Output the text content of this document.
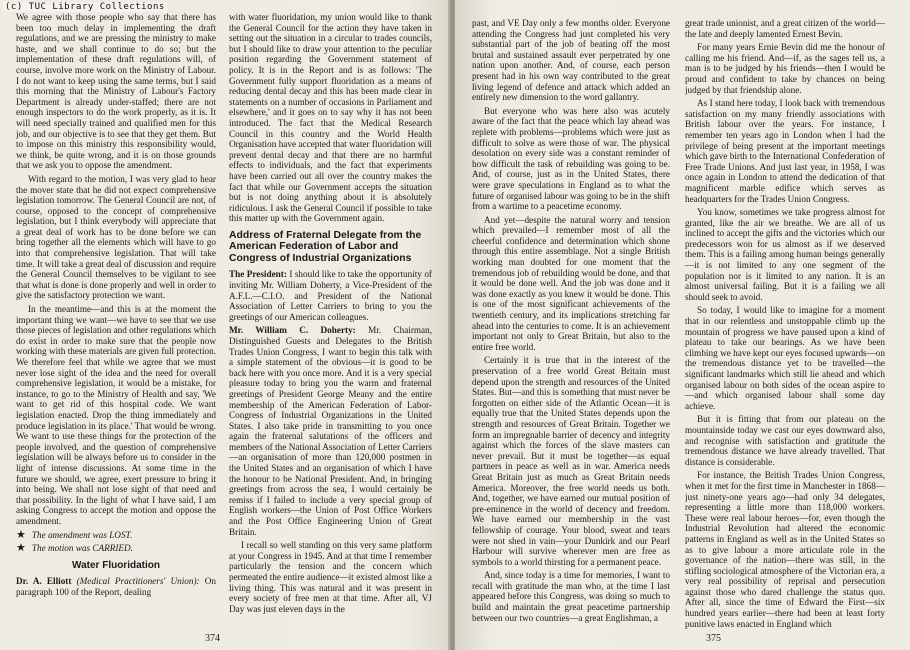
(c) TUC Library Collections

We agree with those people who say that there has been too much delay in implementing the draft regulations, and we are pressing the ministry to make haste, and we shall continue to do so; but the implementation of these draft regulations will, of course, involve more work on the Ministry of Labour. I do not want to keep using the same terms, but I said this morning that the Ministry of Labour's Factory Department is already under-staffed; there are not enough inspectors to do the work properly, as it is. It will need specially trained and qualified men for this job, and our objective is to see that they get them. But to impose on this ministry this responsibility would, we think, be quite wrong, and it is on those grounds that we ask you to oppose the amendment.

With regard to the motion, I was very glad to hear the mover state that he did not expect comprehensive legislation tomorrow. The General Council are not, of course, opposed to the concept of comprehensive legislation, but I think everybody will appreciate that a great deal of work has to be done before we can bring together all the elements which will have to go into that comprehensive legislation. That will take time. It will take a great deal of discussion and require the General Council themselves to be vigilant to see that what is done is done properly and well in order to give the satisfactory protection we want.

In the meantime—and this is at the moment the important thing we want—we have to see that we use those pieces of legislation and other regulations which do exist in order to make sure that the people now working with these materials are given full protection. We therefore feel that while we agree that we must never lose sight of the idea and the need for overall comprehensive legislation, it would be a mistake, for instance, to go to the Ministry of Health and say, 'We want to get rid of this hospital code. We want legislation enacted. Drop the thing immediately and produce legislation in its place.' That would be wrong. We want to use these things for the protection of the people involved, and the question of comprehensive legislation will be always before us to consider in the light of intense discussions. At some time in the future we should, we agree, exert pressure to bring it into being. We shall not lose sight of that need and that possibility. In the light of what I have said, I am asking Congress to accept the motion and oppose the amendment.

★ The amendment was LOST.

★ The motion was CARRIED.

Water Fluoridation

Dr. A. Elliott (Medical Practitioners' Union): On paragraph 100 of the Report, dealing

with water fluoridation, my union would like to thank the General Council for the action they have taken in setting out the situation in a circular to trades councils, but I should like to draw your attention to the peculiar position regarding the Government statement of policy. It is in the Report and is as follows: 'The Government fully support fluoridation as a means of reducing dental decay and this has been made clear in statements on a number of occasions in Parliament and elsewhere,' and it goes on to say why it has not been introduced. The fact that the Medical Research Council in this country and the World Health Organisation have accepted that water fluoridation will prevent dental decay and that there are no harmful effects to individuals, and the fact that experiments have been carried out all over the country makes the fact that while our Government accepts the situation but is not doing anything about it is absolutely ridiculous. I ask the General Council if possible to take this matter up with the Government again.

Address of Fraternal Delegate from the American Federation of Labor and Congress of Industrial Organizations

The President: I should like to take the opportunity of inviting Mr. William Doherty, a Vice-President of the A.F.L.—C.I.O. and President of the National Association of Letter Carriers to bring to you the greetings of our American colleagues.

Mr. William C. Doherty: Mr. Chairman, Distinguished Guests and Delegates to the British Trades Union Congress, I want to begin this talk with a simple statement of the obvious—it is good to be back here with you once more. And it is a very special pleasure today to bring you the warm and fraternal greetings of President George Meany and the entire membership of the American Federation of Labor-Congress of Industrial Organizations in the United States. I also take pride in transmitting to you once again the fraternal salutations of the officers and members of the National Association of Letter Carriers—an organisation of more than 120,000 postmen in the United States and an organisation of which I have the honour to be National President. And, in bringing greetings from across the sea, I would certainly be remiss if I failed to include a very special group of English workers—the Union of Post Office Workers and the Post Office Engineering Union of Great Britain.

I recall so well standing on this very same platform at your Congress in 1945. And at that time I remember particularly the tension and the concern which permeated the entire audience—it existed almost like a living thing. This was natural and it was present in every society of free men at that time. After all, VJ Day was just eleven days in the

past, and VE Day only a few months older. Everyone attending the Congress had just completed his very substantial part of the job of beating off the most brutal and sustained assault ever perpetrated by one nation upon another. And, of course, each person present had in his own way contributed to the great living legend of defence and attack which added an entirely new dimension to the word gallantry.

But everyone who was here also was acutely aware of the fact that the peace which lay ahead was replete with problems—problems which were just as difficult to solve as were those of war. The physical desolation on every side was a constant reminder of how difficult the task of rebuilding was going to be. And, of course, just as in the United States, there were grave speculations in England as to what the future of organised labour was going to be in the shift from a wartime to a peacetime economy.

And yet—despite the natural worry and tension which prevailed—I remember most of all the cheerful confidence and determination which shone through this entire assemblage. Not a single British working man doubted for one moment that the tremendous job of rebuilding would be done, and that it would be done well. And the job was done and it was done exactly as you knew it would be done. This is one of the most significant achievements of the twentieth century, and its implications stretching far ahead into the centuries to come. It is an achievement important not only to Great Britain, but also to the entire free world.

Certainly it is true that in the interest of the preservation of a free world Great Britain must depend upon the strength and resources of the United States. But—and this is something that must never be forgotten on either side of the Atlantic Ocean—it is equally true that the United States depends upon the strength and resources of Great Britain. Together we form an impregnable barrier of decency and integrity against which the forces of the slave masters can never prevail. But it must be together—as equal partners in peace as well as in war. America needs Great Britain just as much as Great Britain needs America. Moreover, the free world needs us both. And, together, we have earned our mutual position of pre-eminence in the world of decency and freedom. We have earned our membership in the vast fellowship of courage. Your blood, sweat and tears were not shed in vain—your Dunkirk and our Pearl Harbour will survive wherever men are free as symbols to a world thirsting for a permanent peace.

And, since today is a time for memories, I want to recall with gratitude the man who, at the time I last appeared before this Congress, was doing so much to build and maintain the great peacetime partnership between our two countries—a great Englishman, a

great trade unionist, and a great citizen of the world—the late and deeply lamented Ernest Bevin.

For many years Ernie Bevin did me the honour of calling me his friend. And—if, as the sages tell us, a man is to be judged by his friends—then I would be proud and confident to take by chances on being judged by that friendship alone.

As I stand here today, I look back with tremendous satisfaction on my many friendly associations with British labour over the years. For instance, I remember ten years ago in London when I had the privilege of being present at the important meetings which gave birth to the International Confederation of Free Trade Unions. And just last year, in 1958, I was once again in London to attend the dedication of that magnificent marble edifice which serves as headquarters for the Trades Union Congress.

You know, sometimes we take progress almost for granted, like the air we breathe. We are all of us inclined to accept the gifts and the victories which our predecessors won for us almost as if we deserved them. This is a failing among human beings generally—it is not limited to any one segment of the population nor is it limited to any nation. It is an almost universal failing. But it is a failing we all should seek to avoid.

So today, I would like to imagine for a moment that in our relentless and unstoppable climb up the mountain of progress we have paused upon a kind of plateau to take our bearings. As we have been climbing we have kept our eyes focused upwards—on the tremendous distance yet to be travelled—the significant landmarks which still lie ahead and which organised labour on both sides of the ocean aspire to—and which organised labour shall some day achieve.

But it is fitting that from our plateau on the mountainside today we cast our eyes downward also, and recognise with satisfaction and gratitude the tremendous distance we have already travelled. That distance is considerable.

For instance, the British Trades Union Congress, when it met for the first time in Manchester in 1868—just ninety-one years ago—had only 34 delegates, representing a little more than 118,000 workers. These were real labour heroes—for, even though the Industrial Revolution had altered the economic patterns in England as well as in the United States so as to give labour a more articulate role in the governance of the nation—there was still, in the stifling sociological atmosphere of the Victorian era, a very real possibility of reprisal and persecution against those who dared challenge the status quo. After all, since the time of Edward the First—six hundred years earlier—there had been at least forty punitive laws enacted in England which

374	375
